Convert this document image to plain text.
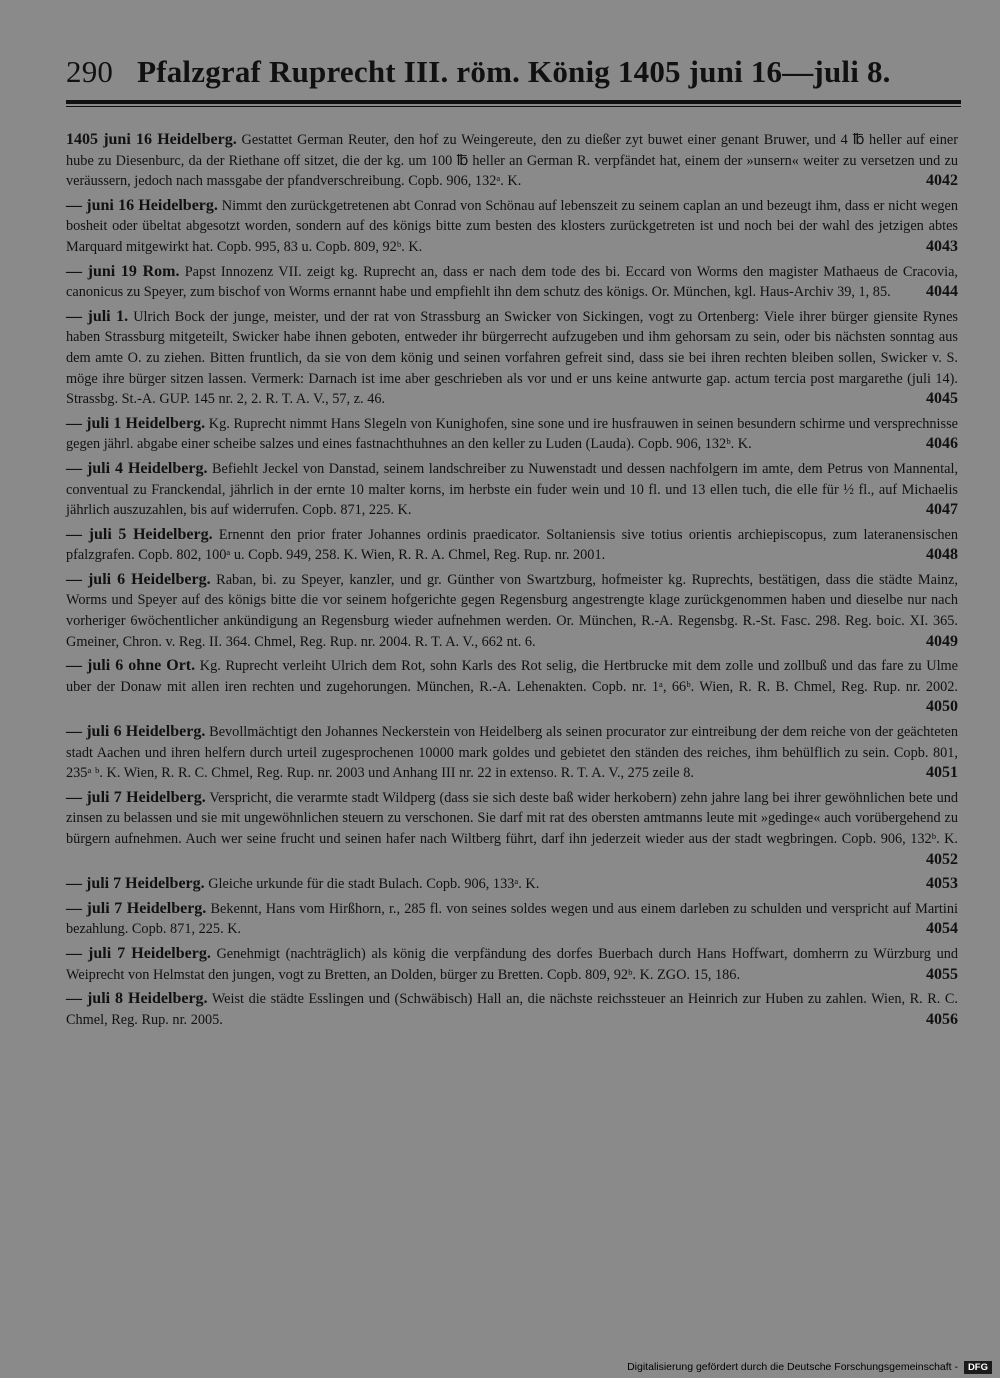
290 Pfalzgraf Ruprecht III. röm. König 1405 juni 16—juli 8.
1405 juni 16 Heidelberg. Gestattet German Reuter, den hof zu Weingereute, den zu dießer zyt buwet einer genant Bruwer, und 4 ℔ heller auf einer hube zu Diesenburc, da der Riethane off sitzet, die der kg. um 100 ℔ heller an German R. verpfändet hat, einem der »unsern« weiter zu versetzen und zu veräussern, jedoch nach massgabe der pfandverschreibung. Copb. 906, 132ᵃ. K.	4042
— juni 16 Heidelberg. Nimmt den zurückgetretenen abt Conrad von Schönau auf lebenszeit zu seinem caplan an und bezeugt ihm, dass er nicht wegen bosheit oder übeltat abgesotzt worden, sondern auf des königs bitte zum besten des klosters zurückgetreten ist und noch bei der wahl des jetzigen abtes Marquard mitgewirkt hat. Copb. 995, 83 u. Copb. 809, 92ᵇ. K.	4043
— juni 19 Rom. Papst Innozenz VII. zeigt kg. Ruprecht an, dass er nach dem tode des bi. Eccard von Worms den magister Mathaeus de Cracovia, canonicus zu Speyer, zum bischof von Worms ernannt habe und empfiehlt ihn dem schutz des königs. Or. München, kgl. Haus-Archiv 39, 1, 85.	4044
— juli 1. Ulrich Bock der junge, meister, und der rat von Strassburg an Swicker von Sickingen, vogt zu Ortenberg: Viele ihrer bürger giensite Rynes haben Strassburg mitgeteilt, Swicker habe ihnen geboten, entweder ihr bürgerrecht aufzugeben und ihm gehorsam zu sein, oder bis nächsten sonntag aus dem amte O. zu ziehen. Bitten fruntlich, da sie von dem könig und seinen vorfahren gefreit sind, dass sie bei ihren rechten bleiben sollen, Swicker v. S. möge ihre bürger sitzen lassen. Vermerk: Darnach ist ime aber geschrieben als vor und er uns keine antwurte gap. actum tercia post margarethe (juli 14). Strassbg. St.-A. GUP. 145 nr. 2, 2. R. T. A. V., 57, z. 46.	4045
— juli 1 Heidelberg. Kg. Ruprecht nimmt Hans Slegeln von Kunighofen, sine sone und ire husfrauwen in seinen besundern schirme und versprechnisse gegen jährl. abgabe einer scheibe salzes und eines fastnachthuhnes an den keller zu Luden (Lauda). Copb. 906, 132ᵇ. K.	4046
— juli 4 Heidelberg. Befiehlt Jeckel von Danstad, seinem landschreiber zu Nuwenstadt und dessen nachfolgern im amte, dem Petrus von Mannental, conventual zu Franckendal, jährlich in der ernte 10 malter korns, im herbste ein fuder wein und 10 fl. und 13 ellen tuch, die elle für ½ fl., auf Michaelis jährlich auszuzahlen, bis auf widerrufen. Copb. 871, 225. K.	4047
— juli 5 Heidelberg. Ernennt den prior frater Johannes ordinis praedicator. Soltaniensis sive totius orientis archiepiscopus, zum lateranensischen pfalzgrafen. Copb. 802, 100ᵃ u. Copb. 949, 258. K. Wien, R. R. A. Chmel, Reg. Rup. nr. 2001.	4048
— juli 6 Heidelberg. Raban, bi. zu Speyer, kanzler, und gr. Günther von Swartzburg, hofmeister kg. Ruprechts, bestätigen, dass die städte Mainz, Worms und Speyer auf des königs bitte die vor seinem hofgerichte gegen Regensburg angestrengte klage zurückgenommen haben und dieselbe nur nach vorheriger 6wöchentlicher ankündigung an Regensburg wieder aufnehmen werden. Or. München, R.-A. Regensbg. R.-St. Fasc. 298. Reg. boic. XI. 365. Gmeiner, Chron. v. Reg. II. 364. Chmel, Reg. Rup. nr. 2004. R. T. A. V., 662 nt. 6.	4049
— juli 6 ohne Ort. Kg. Ruprecht verleiht Ulrich dem Rot, sohn Karls des Rot selig, die Hertbrucke mit dem zolle und zollbuß und das fare zu Ulme uber der Donaw mit allen iren rechten und zugehorungen. München, R.-A. Lehenakten. Copb. nr. 1ᵃ, 66ᵇ. Wien, R. R. B. Chmel, Reg. Rup. nr. 2002.
4050
— juli 6 Heidelberg. Bevollmächtigt den Johannes Neckerstein von Heidelberg als seinen procurator zur eintreibung der dem reiche von der geächteten stadt Aachen und ihren helfern durch urteil zugesprochenen 10000 mark goldes und gebietet den ständen des reiches, ihm behülflich zu sein. Copb. 801, 235ᵃ ᵇ. K. Wien, R. R. C. Chmel, Reg. Rup. nr. 2003 und Anhang III nr. 22 in extenso. R. T. A. V., 275 zeile 8.	4051
— juli 7 Heidelberg. Verspricht, die verarmte stadt Wildperg (dass sie sich deste baß wider herkobern) zehn jahre lang bei ihrer gewöhnlichen bete und zinsen zu belassen und sie mit ungewöhnlichen steuern zu verschonen. Sie darf mit rat des obersten amtmanns leute mit »gedinge« auch vorübergehend zu bürgern aufnehmen. Auch wer seine frucht und seinen hafer nach Wiltberg führt, darf ihn jederzeit wieder aus der stadt wegbringen. Copb. 906, 132ᵇ. K.
4052
— juli 7 Heidelberg. Gleiche urkunde für die stadt Bulach. Copb. 906, 133ᵃ. K.	4053
— juli 7 Heidelberg. Bekennt, Hans vom Hirßhorn, r., 285 fl. von seines soldes wegen und aus einem darleben zu schulden und verspricht auf Martini bezahlung. Copb. 871, 225. K.	4054
— juli 7 Heidelberg. Genehmigt (nachträglich) als könig die verpfändung des dorfes Buerbach durch Hans Hoffwart, domherrn zu Würzburg und Weiprecht von Helmstat den jungen, vogt zu Bretten, an Dolden, bürger zu Bretten. Copb. 809, 92ᵇ. K. ZGO. 15, 186.	4055
— juli 8 Heidelberg. Weist die städte Esslingen und (Schwäbisch) Hall an, die nächste reichssteuer an Heinrich zur Huben zu zahlen. Wien, R. R. C. Chmel, Reg. Rup. nr. 2005.	4056
Digitalisierung gefördert durch die Deutsche Forschungsgemeinschaft - DFG
